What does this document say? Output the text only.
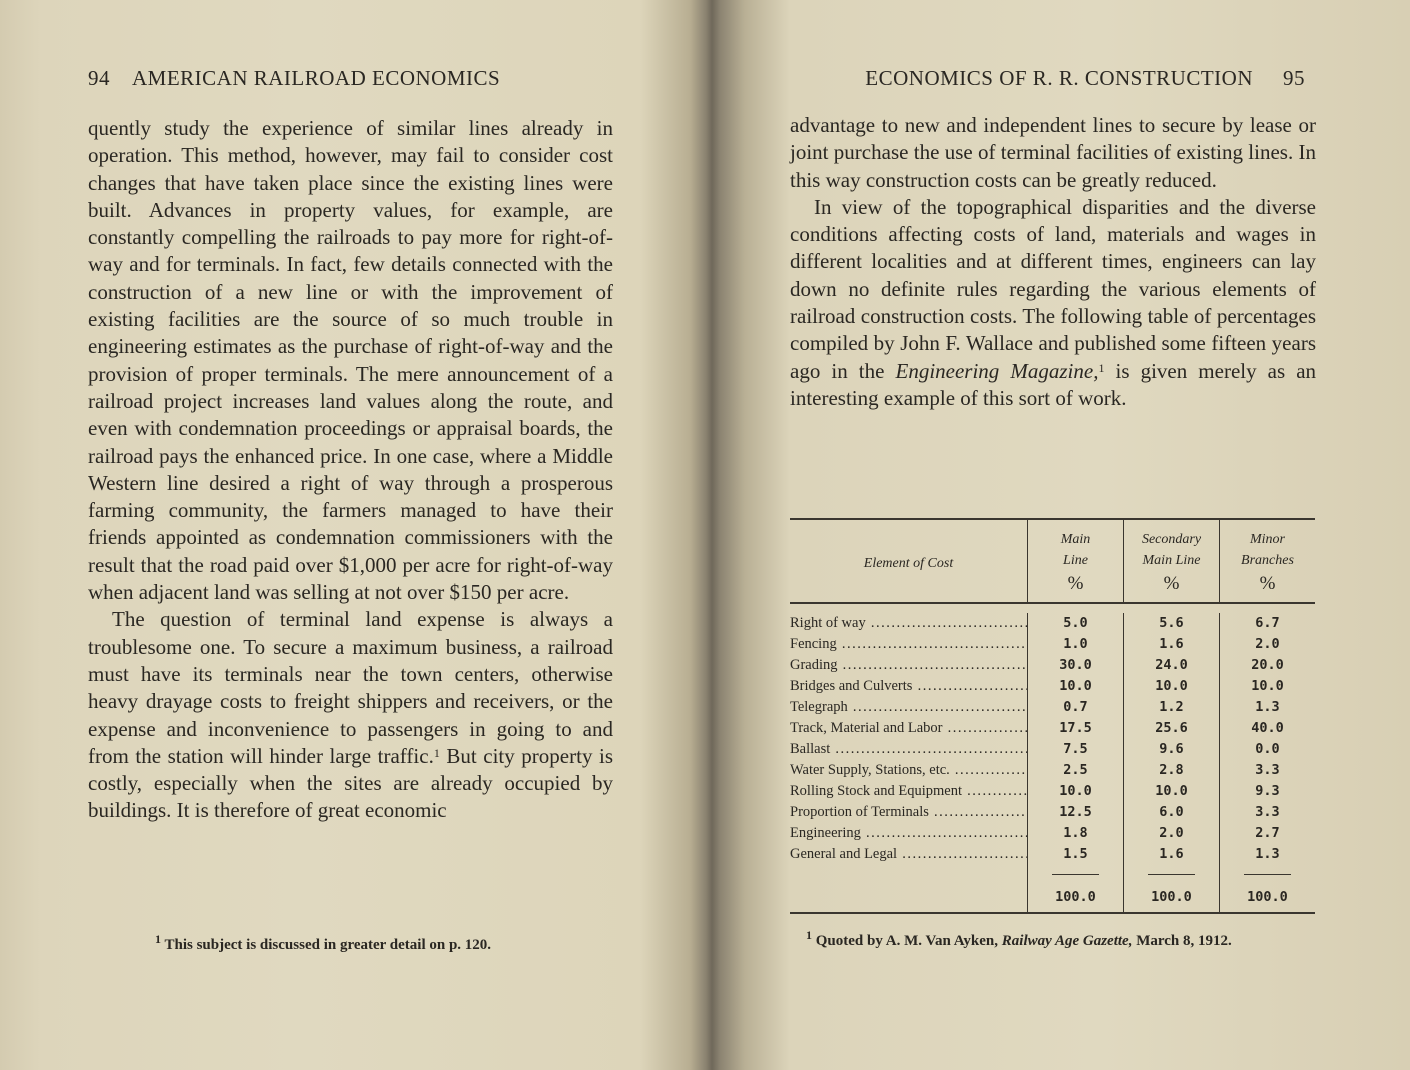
94 AMERICAN RAILROAD ECONOMICS

quently study the experience of similar lines already in operation. This method, however, may fail to consider cost changes that have taken place since the existing lines were built. Advances in property values, for example, are constantly compelling the railroads to pay more for right-of-way and for terminals. In fact, few details connected with the construction of a new line or with the improvement of existing facilities are the source of so much trouble in engineering estimates as the purchase of right-of-way and the provision of proper terminals. The mere announcement of a railroad project increases land values along the route, and even with condemnation proceedings or appraisal boards, the railroad pays the enhanced price. In one case, where a Middle Western line desired a right of way through a prosperous farming community, the farmers managed to have their friends appointed as condemnation commissioners with the result that the road paid over $1,000 per acre for right-of-way when adjacent land was selling at not over $150 per acre.

The question of terminal land expense is always a troublesome one. To secure a maximum business, a railroad must have its terminals near the town centers, otherwise heavy drayage costs to freight shippers and receivers, or the expense and inconvenience to passengers in going to and from the station will hinder large traffic.$^1$ But city property is costly, especially when the sites are already occupied by buildings. It is therefore of great economic

$^1$ This subject is discussed in greater detail on p. 120.
ECONOMICS OF R. R. CONSTRUCTION 95

advantage to new and independent lines to secure by lease or joint purchase the use of terminal facilities of existing lines. In this way construction costs can be greatly reduced.

In view of the topographical disparities and the diverse conditions affecting costs of land, materials and wages in different localities and at different times, engineers can lay down no definite rules regarding the various elements of railroad construction costs. The following table of percentages compiled by John F. Wallace and published some fifteen years ago in the Engineering Magazine,$^1$ is given merely as an interesting example of this sort of work.

Element of Cost
Main
Line
%
Secondary
Main Line
%
Minor
Branches
%
Right of way .....
Fencing .....
Grading .....
Bridges and Culverts .....
Telegraph .....
Track, Material and Labor .....
Ballast .....
Water Supply, Stations, etc. .....
Rolling Stock and Equipment .....
Proportion of Terminals .....
Engineering .....
General and Legal .....
5.0
1.0
30.0
10.0
0.7
17.5
7.5
2.5
10.0
12.5
1.8
1.5
100.0
5.6
1.6
24.0
10.0
1.2
25.6
9.6
2.8
10.0
6.0
2.0
1.6
100.0
6.7
2.0
20.0
10.0
1.3
40.0
0.0
3.3
9.3
3.3
2.7
1.3
100.0
$^1$ Quoted by A. M. Van Ayken, Railway Age Gazette, March 8, 1912.
